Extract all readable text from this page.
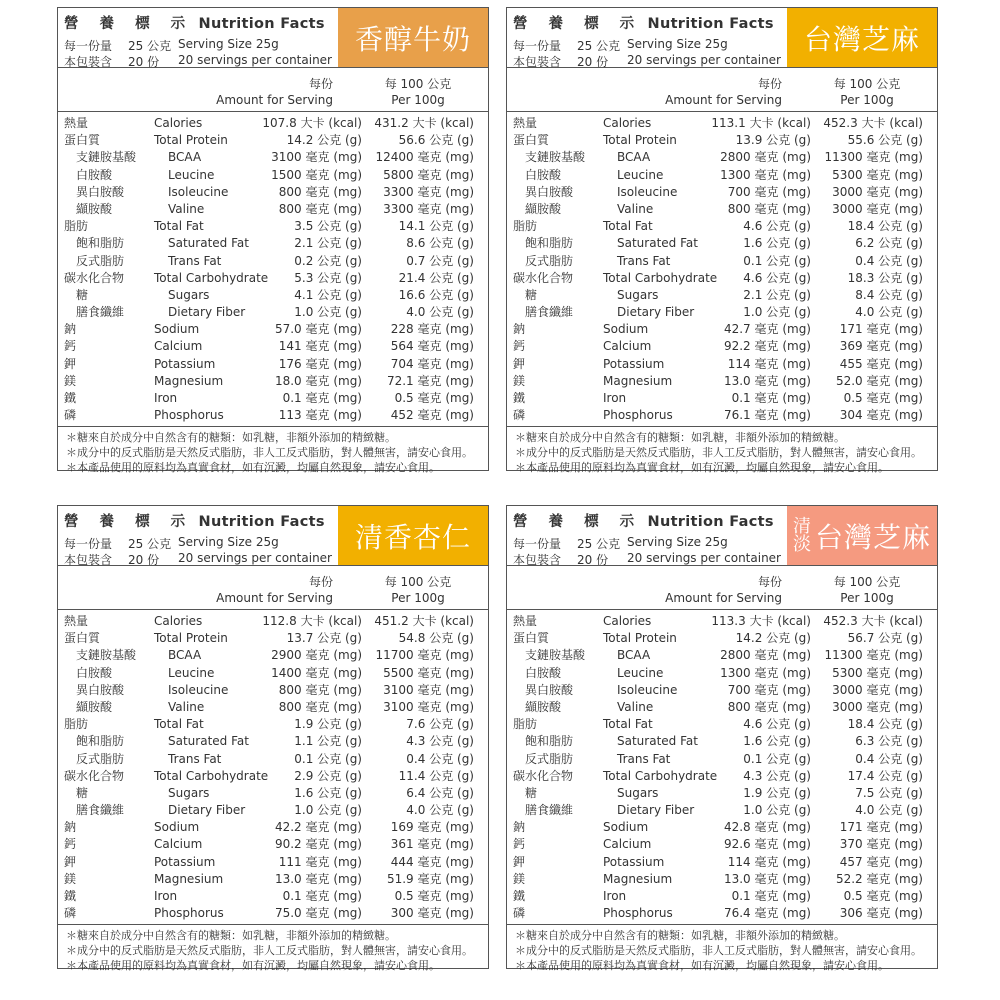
營 養 標 示 Nutrition Facts
每一份量 25 公克 Serving Size 25g
本包裝含 20 份 20 servings per container
香醇牛奶
每份
Amount for Serving
每 100 公克
Per 100g
熱量	Calories	107.8 大卡 (kcal) 431.2 大卡 (kcal)
蛋白質	Total Protein	14.2 公克 (g)	56.6 公克 (g)
支鏈胺基酸	BCAA	3100 毫克 (mg) 12400 毫克 (mg)
白胺酸	Leucine	1500 毫克 (mg) 5800 毫克 (mg)
異白胺酸	Isoleucine	800 毫克 (mg) 3300 毫克 (mg)
纈胺酸	Valine	800 毫克 (mg) 3300 毫克 (mg)
脂肪	Total Fat	3.5 公克 (g)	14.1 公克 (g)
飽和脂肪	Saturated Fat	2.1 公克 (g)	8.6 公克 (g)
反式脂肪	Trans Fat	0.2 公克 (g)	0.7 公克 (g)
碳水化合物 Total Carbohydrate 5.3 公克 (g)	21.4 公克 (g)
糖	Sugars	4.1 公克 (g)	16.6 公克 (g)
膳食纖維	Dietary Fiber	1.0 公克 (g)	4.0 公克 (g)
鈉	Sodium	57.0 毫克 (mg) 228 毫克 (mg)
鈣	Calcium	141 毫克 (mg) 564 毫克 (mg)
鉀	Potassium	176 毫克 (mg) 704 毫克 (mg)
鎂	Magnesium	18.0 毫克 (mg) 72.1 毫克 (mg)
鐵	Iron	0.1 毫克 (mg)	0.5 毫克 (mg)
磷	Phosphorus	113 毫克 (mg) 452 毫克 (mg)
＊糖來自於成分中自然含有的糖類：如乳糖，非額外添加的精緻糖。
＊成分中的反式脂肪是天然反式脂肪，非人工反式脂肪，對人體無害，請安心食用。
＊本產品使用的原料均為真實食材，如有沉澱，均屬自然現象，請安心食用。
營 養 標 示 Nutrition Facts
每一份量 25 公克 Serving Size 25g
本包裝含 20 份 20 servings per container
台灣芝麻
每份
Amount for Serving
每 100 公克
Per 100g
熱量	Calories	113.1 大卡 (kcal) 452.3 大卡 (kcal)
蛋白質	Total Protein	13.9 公克 (g)	55.6 公克 (g)
支鏈胺基酸	BCAA	2800 毫克 (mg) 11300 毫克 (mg)
白胺酸	Leucine	1300 毫克 (mg) 5300 毫克 (mg)
異白胺酸	Isoleucine	700 毫克 (mg) 3000 毫克 (mg)
纈胺酸	Valine	800 毫克 (mg) 3000 毫克 (mg)
脂肪	Total Fat	4.6 公克 (g)	18.4 公克 (g)
飽和脂肪	Saturated Fat	1.6 公克 (g)	6.2 公克 (g)
反式脂肪	Trans Fat	0.1 公克 (g)	0.4 公克 (g)
碳水化合物 Total Carbohydrate 4.6 公克 (g)	18.3 公克 (g)
糖	Sugars	2.1 公克 (g)	8.4 公克 (g)
膳食纖維	Dietary Fiber	1.0 公克 (g)	4.0 公克 (g)
鈉	Sodium	42.7 毫克 (mg) 171 毫克 (mg)
鈣	Calcium	92.2 毫克 (mg) 369 毫克 (mg)
鉀	Potassium	114 毫克 (mg) 455 毫克 (mg)
鎂	Magnesium	13.0 毫克 (mg) 52.0 毫克 (mg)
鐵	Iron	0.1 毫克 (mg)	0.5 毫克 (mg)
磷	Phosphorus	76.1 毫克 (mg) 304 毫克 (mg)
＊糖來自於成分中自然含有的糖類：如乳糖，非額外添加的精緻糖。
＊成分中的反式脂肪是天然反式脂肪，非人工反式脂肪，對人體無害，請安心食用。
＊本產品使用的原料均為真實食材，如有沉澱，均屬自然現象，請安心食用。
營 養 標 示 Nutrition Facts
每一份量 25 公克 Serving Size 25g
本包裝含 20 份 20 servings per container
清香杏仁
每份
Amount for Serving
每 100 公克
Per 100g
熱量	Calories	112.8 大卡 (kcal) 451.2 大卡 (kcal)
蛋白質	Total Protein	13.7 公克 (g)	54.8 公克 (g)
支鏈胺基酸	BCAA	2900 毫克 (mg) 11700 毫克 (mg)
白胺酸	Leucine	1400 毫克 (mg) 5500 毫克 (mg)
異白胺酸	Isoleucine	800 毫克 (mg) 3100 毫克 (mg)
纈胺酸	Valine	800 毫克 (mg) 3100 毫克 (mg)
脂肪	Total Fat	1.9 公克 (g)	7.6 公克 (g)
飽和脂肪	Saturated Fat	1.1 公克 (g)	4.3 公克 (g)
反式脂肪	Trans Fat	0.1 公克 (g)	0.4 公克 (g)
碳水化合物 Total Carbohydrate 2.9 公克 (g)	11.4 公克 (g)
糖	Sugars	1.6 公克 (g)	6.4 公克 (g)
膳食纖維	Dietary Fiber	1.0 公克 (g)	4.0 公克 (g)
鈉	Sodium	42.2 毫克 (mg) 169 毫克 (mg)
鈣	Calcium	90.2 毫克 (mg) 361 毫克 (mg)
鉀	Potassium	111 毫克 (mg) 444 毫克 (mg)
鎂	Magnesium	13.0 毫克 (mg) 51.9 毫克 (mg)
鐵	Iron	0.1 毫克 (mg)	0.5 毫克 (mg)
磷	Phosphorus	75.0 毫克 (mg) 300 毫克 (mg)
＊糖來自於成分中自然含有的糖類：如乳糖，非額外添加的精緻糖。
＊成分中的反式脂肪是天然反式脂肪，非人工反式脂肪，對人體無害，請安心食用。
＊本產品使用的原料均為真實食材，如有沉澱，均屬自然現象，請安心食用。
營 養 標 示 Nutrition Facts
每一份量 25 公克 Serving Size 25g
本包裝含 20 份 20 servings per container
清淡 台灣芝麻
每份
Amount for Serving
每 100 公克
Per 100g
熱量	Calories	113.3 大卡 (kcal) 452.3 大卡 (kcal)
蛋白質	Total Protein	14.2 公克 (g)	56.7 公克 (g)
支鏈胺基酸	BCAA	2800 毫克 (mg) 11300 毫克 (mg)
白胺酸	Leucine	1300 毫克 (mg) 5300 毫克 (mg)
異白胺酸	Isoleucine	700 毫克 (mg) 3000 毫克 (mg)
纈胺酸	Valine	800 毫克 (mg) 3000 毫克 (mg)
脂肪	Total Fat	4.6 公克 (g)	18.4 公克 (g)
飽和脂肪	Saturated Fat	1.6 公克 (g)	6.3 公克 (g)
反式脂肪	Trans Fat	0.1 公克 (g)	0.4 公克 (g)
碳水化合物 Total Carbohydrate 4.3 公克 (g)	17.4 公克 (g)
糖	Sugars	1.9 公克 (g)	7.5 公克 (g)
膳食纖維	Dietary Fiber	1.0 公克 (g)	4.0 公克 (g)
鈉	Sodium	42.8 毫克 (mg) 171 毫克 (mg)
鈣	Calcium	92.6 毫克 (mg) 370 毫克 (mg)
鉀	Potassium	114 毫克 (mg) 457 毫克 (mg)
鎂	Magnesium	13.0 毫克 (mg) 52.2 毫克 (mg)
鐵	Iron	0.1 毫克 (mg)	0.5 毫克 (mg)
磷	Phosphorus	76.4 毫克 (mg) 306 毫克 (mg)
＊糖來自於成分中自然含有的糖類：如乳糖，非額外添加的精緻糖。
＊成分中的反式脂肪是天然反式脂肪，非人工反式脂肪，對人體無害，請安心食用。
＊本產品使用的原料均為真實食材，如有沉澱，均屬自然現象，請安心食用。
